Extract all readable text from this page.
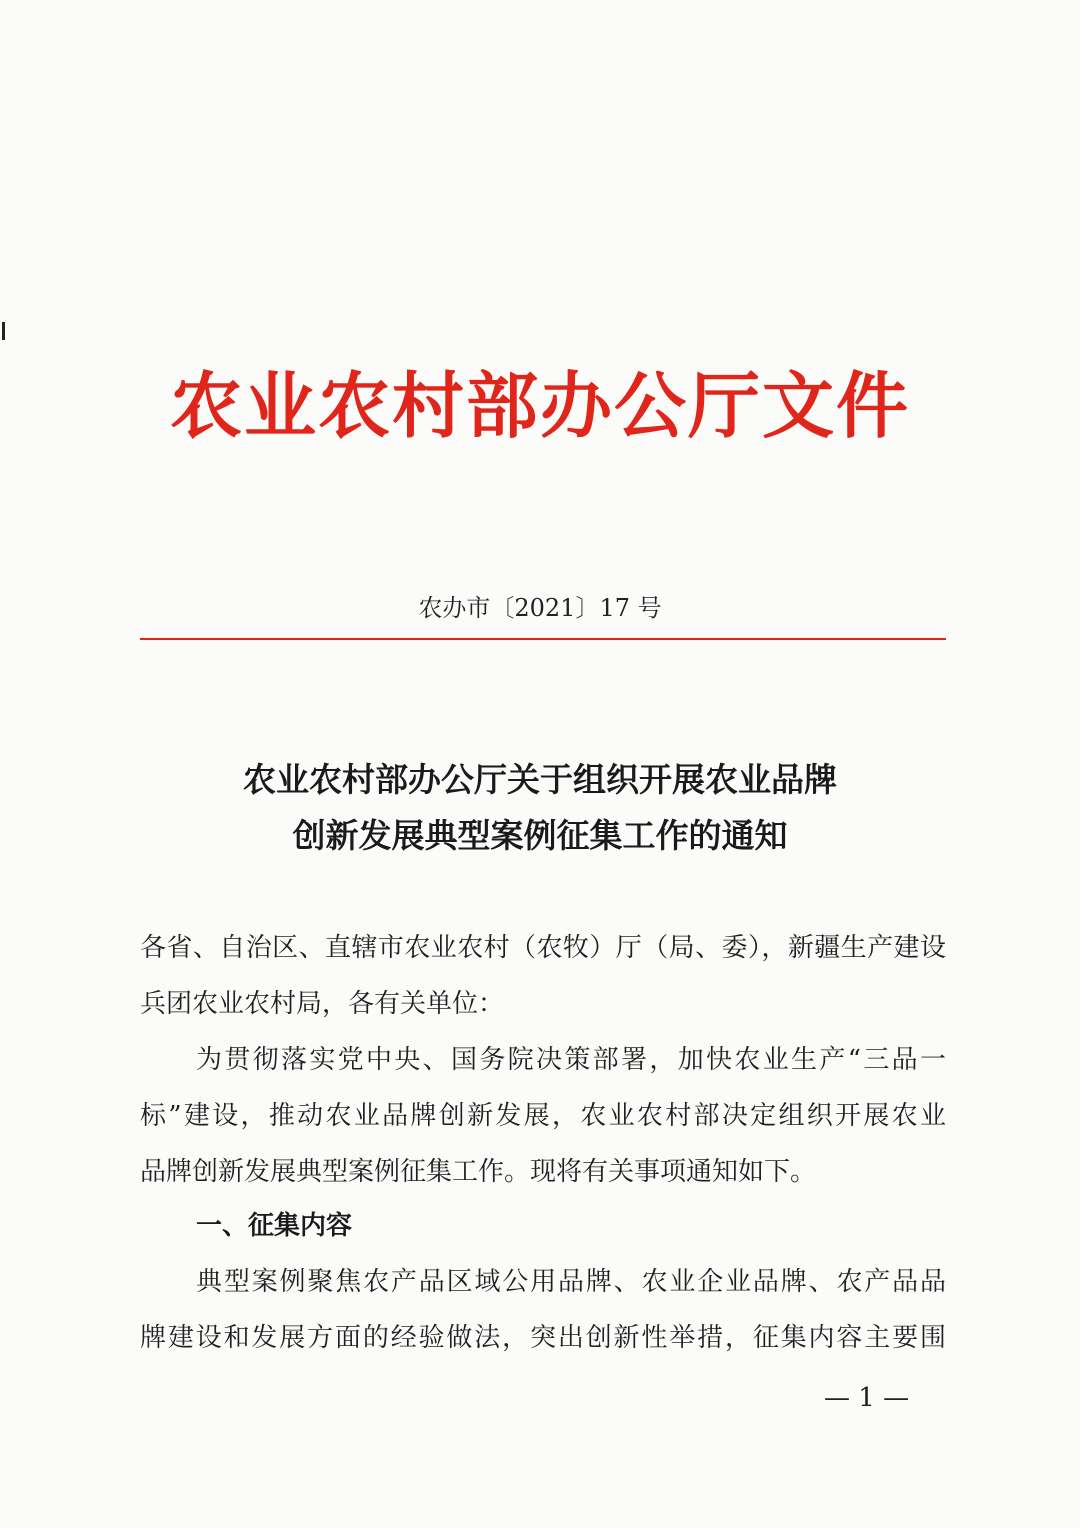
农业农村部办公厅文件
农办市〔2021〕17 号
农业农村部办公厅关于组织开展农业品牌
创新发展典型案例征集工作的通知
各省、自治区、直辖市农业农村（农牧）厅（局、委），新疆生产建设
兵团农业农村局，各有关单位：
为贯彻落实党中央、国务院决策部署，加快农业生产“三品一
标”建设，推动农业品牌创新发展，农业农村部决定组织开展农业
品牌创新发展典型案例征集工作。现将有关事项通知如下。
一、征集内容
典型案例聚焦农产品区域公用品牌、农业企业品牌、农产品品
牌建设和发展方面的经验做法，突出创新性举措，征集内容主要围
— 1 —
